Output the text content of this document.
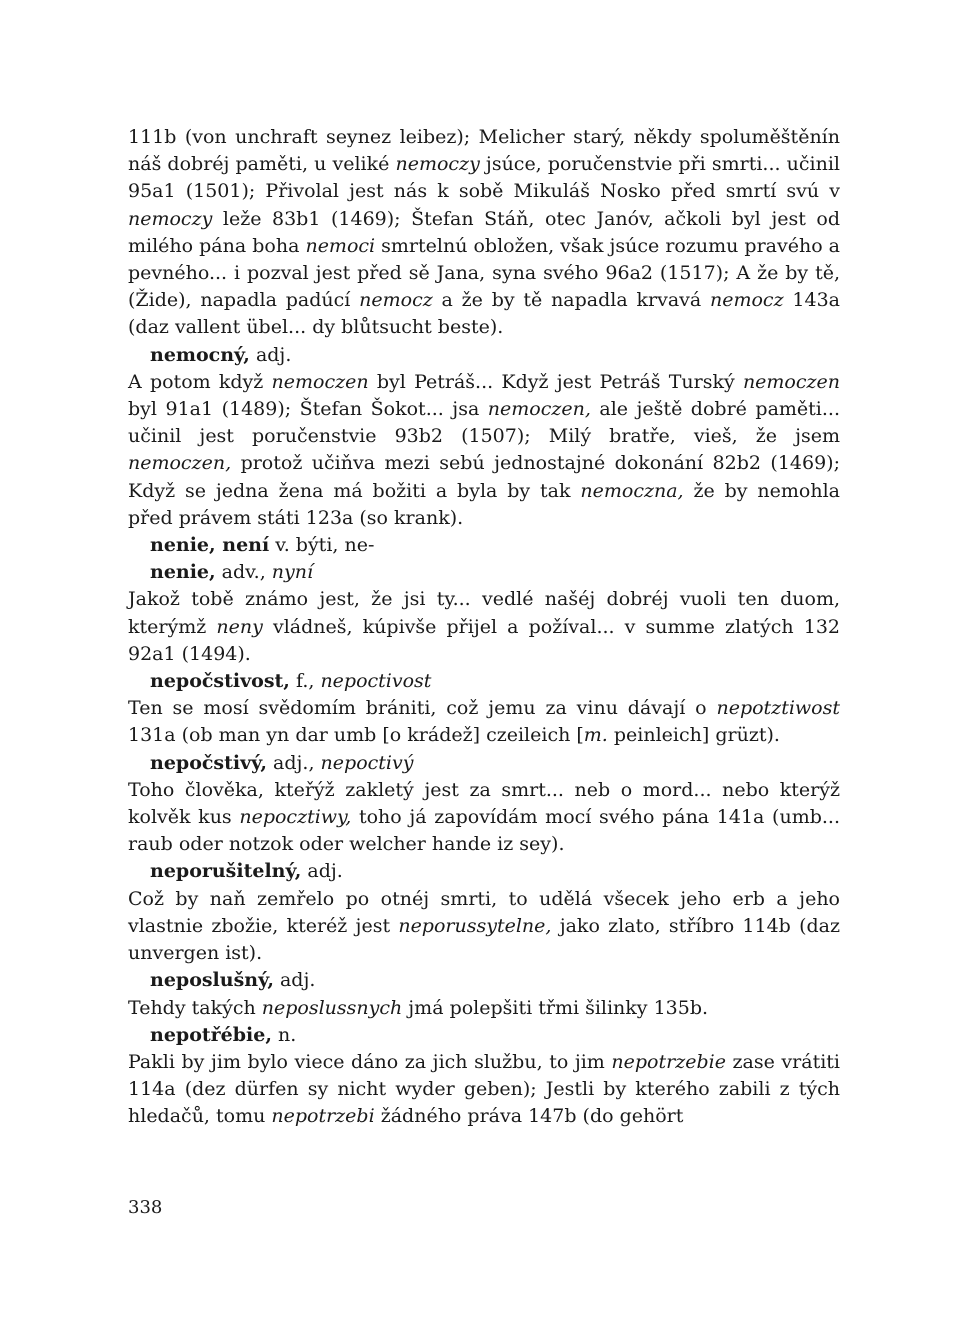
111b (von unchraft seynez leibez); Melicher starý, někdy spoluměštěnín náš dobréj paměti, u veliké nemoczy jsúce, poručenstvie při smrti... učinil 95a1 (1501); Přivolal jest nás k sobě Mikuláš Nosko před smrtí svú v nemoczy leže 83b1 (1469); Štefan Stáň, otec Janóv, ačkoli byl jest od milého pána boha nemoci smrtelnú obložen, však jsúce rozumu pravého a pevného... i pozval jest před sě Jana, syna svého 96a2 (1517); A že by tě, (Žide), napadla padúcí nemocz a že by tě napadla krvavá nemocz 143a (daz vallent übel... dy blůtsucht beste).

nemocný, adj.

A potom když nemoczen byl Petráš... Když jest Petráš Turský nemoczen byl 91a1 (1489); Štefan Šokot... jsa nemoczen, ale ještě dobré paměti... učinil jest poručenstvie 93b2 (1507); Milý bratře, vieš, že jsem nemoczen, protož učiňva mezi sebú jednostajné dokonání 82b2 (1469); Když se jedna žena má božiti a byla by tak nemoczna, že by nemohla před právem státi 123a (so krank).

nenie, není v. býti, ne-

nenie, adv., nyní

Jakož tobě známo jest, že jsi ty... vedlé našéj dobréj vuoli ten duom, kterýmž neny vládneš, kúpivše přijel a požíval... v summe zlatých 132 92a1 (1494).

nepočstivost, f., nepoctivost

Ten se mosí svědomím brániti, což jemu za vinu dávají o nepotztiwost 131a (ob man yn dar umb [o krádež] czeileich [m. peinleich] grüzt).

nepočstivý, adj., nepoctivý

Toho člověka, kteřýž zakletý jest za smrt... neb o mord... nebo kterýž kolvěk kus nepocztiwy, toho já zapovídám mocí svého pána 141a (umb... raub oder notzok oder welcher hande iz sey).

neporušitelný, adj.

Což by naň zemřelo po otnéj smrti, to udělá všecek jeho erb a jeho vlastnie zbožie, kteréž jest neporussytelne, jako zlato, stříbro 114b (daz unvergen ist).

neposlušný, adj.

Tehdy takých neposlussnych jmá polepšiti třmi šilinky 135b.

nepotřébie, n.

Pakli by jim bylo viece dáno za jich službu, to jim nepotrzebie zase vrátiti 114a (dez dürfen sy nicht wyder geben); Jestli by kterého zabili z tých hledačů, tomu nepotrzebi žádného práva 147b (do gehört

338
